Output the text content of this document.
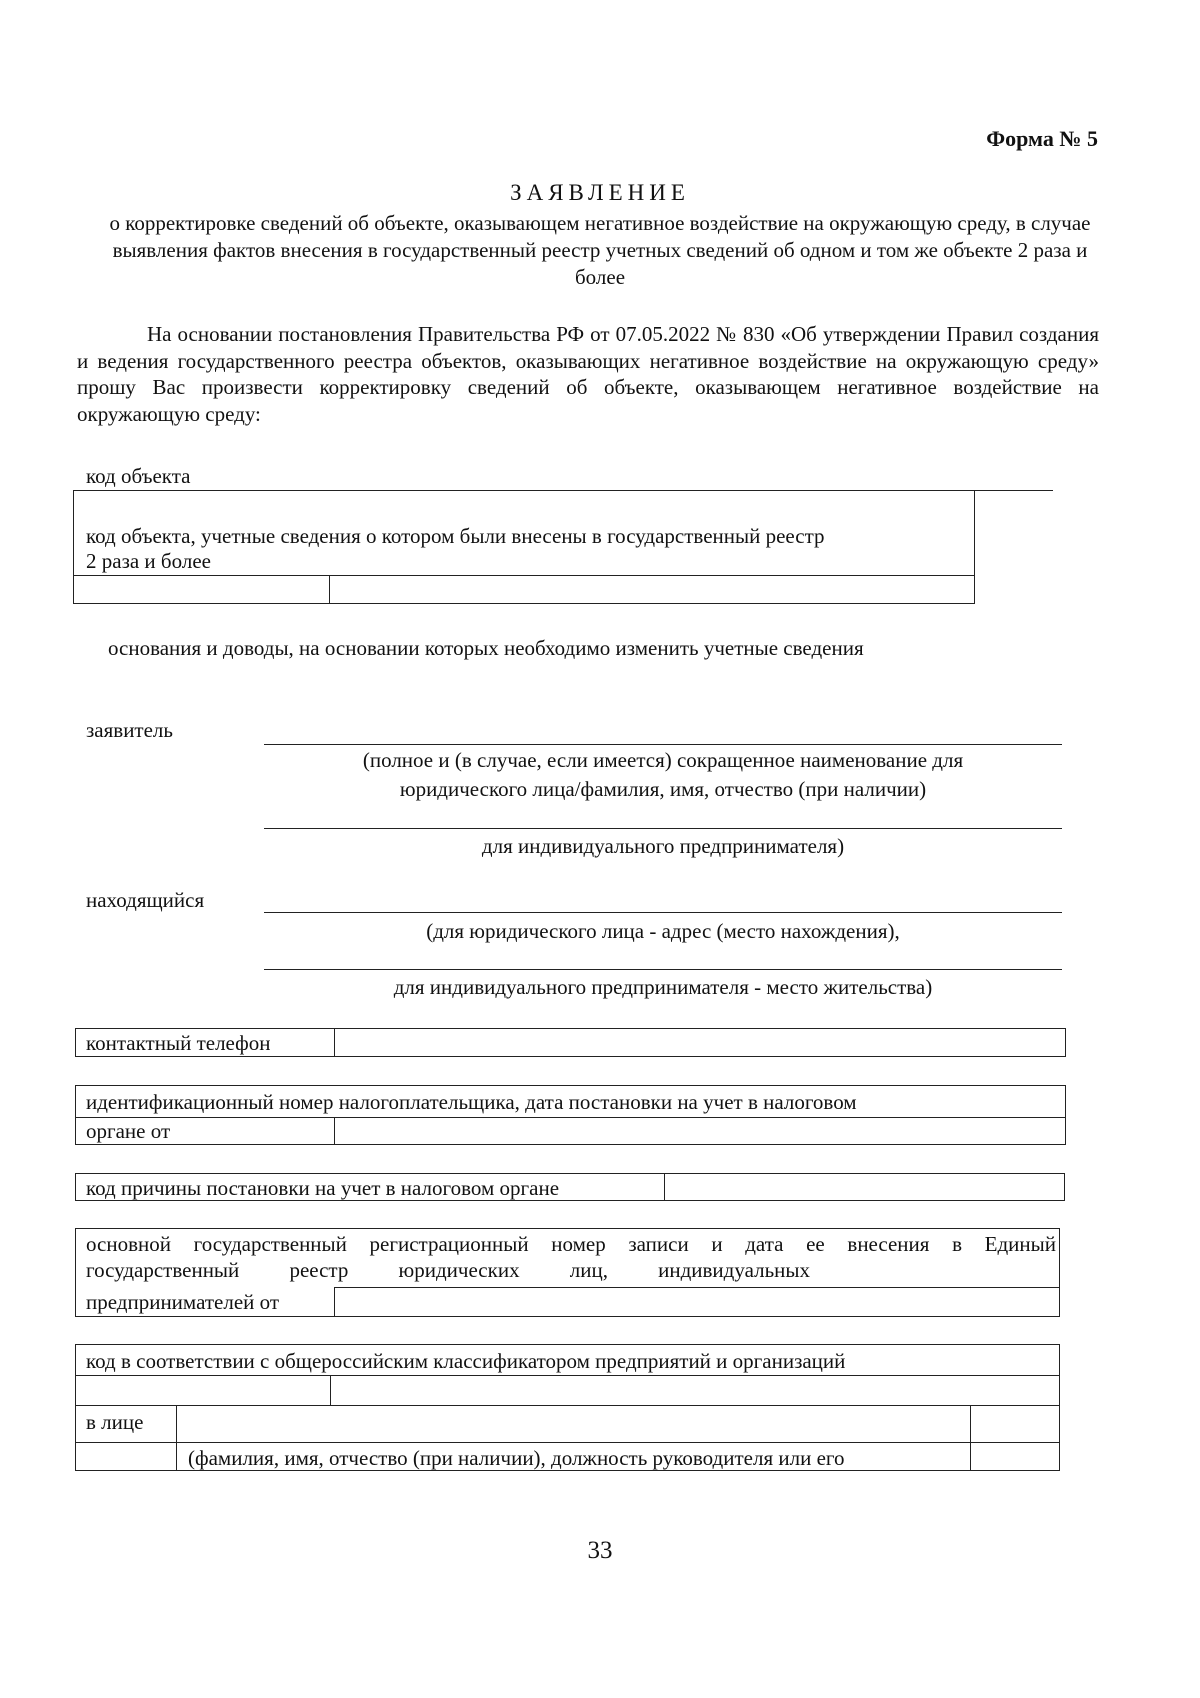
Форма № 5
ЗАЯВЛЕНИЕ
о корректировке сведений об объекте, оказывающем негативное воздействие на окружающую среду, в случае выявления фактов внесения в государственный реестр учетных сведений об одном и том же объекте 2 раза и более
На основании постановления Правительства РФ от 07.05.2022 № 830 «Об утверждении Правил создания и ведения государственного реестра объектов, оказывающих негативное воздействие на окружающую среду» прошу Вас произвести корректировку сведений об объекте, оказывающем негативное воздействие на окружающую среду:
код объекта
код объекта, учетные сведения о котором были внесены в государственный реестр
2 раза и более
основания и доводы, на основании которых необходимо изменить учетные сведения
заявитель
(полное и (в случае, если имеется) сокращенное наименование для
юридического лица/фамилия, имя, отчество (при наличии)
для индивидуального предпринимателя)
находящийся
(для юридического лица - адрес (место нахождения),
для индивидуального предпринимателя - место жительства)
контактный телефон
идентификационный номер налогоплательщика, дата постановки на учет в налоговом
органе от
код причины постановки на учет в налоговом органе
основной государственный регистрационный номер записи и дата ее внесения в Единый
государственный реестр юридических лиц, индивидуальных
предпринимателей от
код в соответствии с общероссийским классификатором предприятий и организаций
в лице
(фамилия, имя, отчество (при наличии), должность руководителя или его
33
